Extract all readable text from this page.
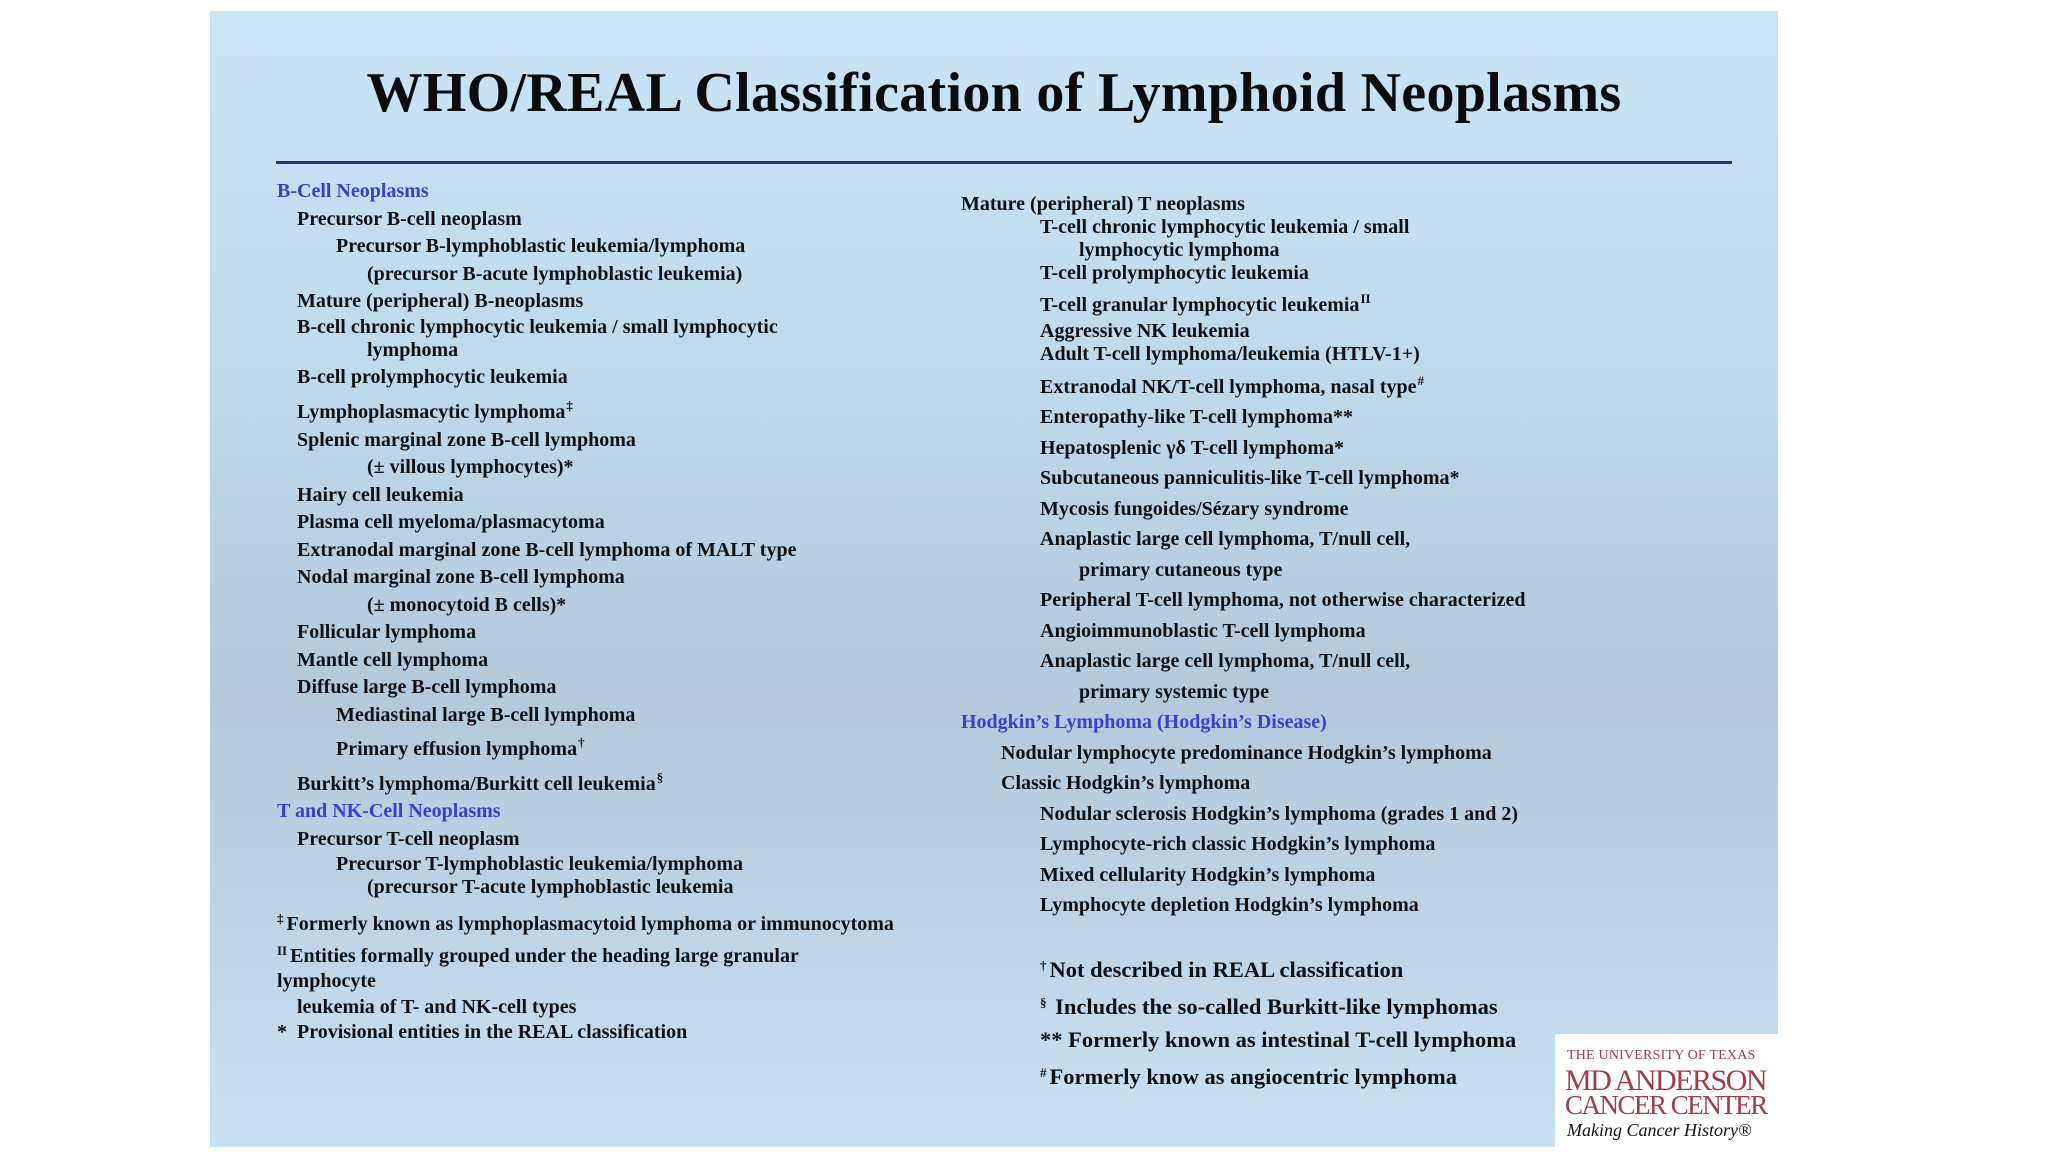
WHO/REAL Classification of Lymphoid Neoplasms
B-Cell Neoplasms
Precursor B-cell neoplasm
Precursor B-lymphoblastic leukemia/lymphoma
(precursor B-acute lymphoblastic leukemia)
Mature (peripheral) B-neoplasms
B-cell chronic lymphocytic leukemia / small lymphocytic
lymphoma
B-cell prolymphocytic leukemia
Lymphoplasmacytic lymphoma‡
Splenic marginal zone B-cell lymphoma
(± villous lymphocytes)*
Hairy cell leukemia
Plasma cell myeloma/plasmacytoma
Extranodal marginal zone B-cell lymphoma of MALT type
Nodal marginal zone B-cell lymphoma
(± monocytoid B cells)*
Follicular lymphoma
Mantle cell lymphoma
Diffuse large B-cell lymphoma
Mediastinal large B-cell lymphoma
Primary effusion lymphoma†
Burkitt’s lymphoma/Burkitt cell leukemia§
T and NK-Cell Neoplasms
Precursor T-cell neoplasm
Precursor T-lymphoblastic leukemia/lymphoma
(precursor T-acute lymphoblastic leukemia
‡ Formerly known as lymphoplasmacytoid lymphoma or immunocytoma
$^{II}$ Entities formally grouped under the heading large granular
lymphocyte
leukemia of T- and NK-cell types
* Provisional entities in the REAL classification
Mature (peripheral) T neoplasms
T-cell chronic lymphocytic leukemia / small
lymphocytic lymphoma
T-cell prolymphocytic leukemia
T-cell granular lymphocytic leukemia$^{II}$
Aggressive NK leukemia
Adult T-cell lymphoma/leukemia (HTLV-1+)
Extranodal NK/T-cell lymphoma, nasal type#
Enteropathy-like T-cell lymphoma**
Hepatosplenic γδ T-cell lymphoma*
Subcutaneous panniculitis-like T-cell lymphoma*
Mycosis fungoides/Sézary syndrome
Anaplastic large cell lymphoma, T/null cell,
primary cutaneous type
Peripheral T-cell lymphoma, not otherwise characterized
Angioimmunoblastic T-cell lymphoma
Anaplastic large cell lymphoma, T/null cell,
primary systemic type
Hodgkin’s Lymphoma (Hodgkin’s Disease)
Nodular lymphocyte predominance Hodgkin’s lymphoma
Classic Hodgkin’s lymphoma
Nodular sclerosis Hodgkin’s lymphoma (grades 1 and 2)
Lymphocyte-rich classic Hodgkin’s lymphoma
Mixed cellularity Hodgkin’s lymphoma
Lymphocyte depletion Hodgkin’s lymphoma
† Not described in REAL classification
§ Includes the so-called Burkitt-like lymphomas
** Formerly known as intestinal T-cell lymphoma
# Formerly know as angiocentric lymphoma
THE UNIVERSITY OF TEXAS
MD ANDERSON
CANCER CENTER
Making Cancer History®
